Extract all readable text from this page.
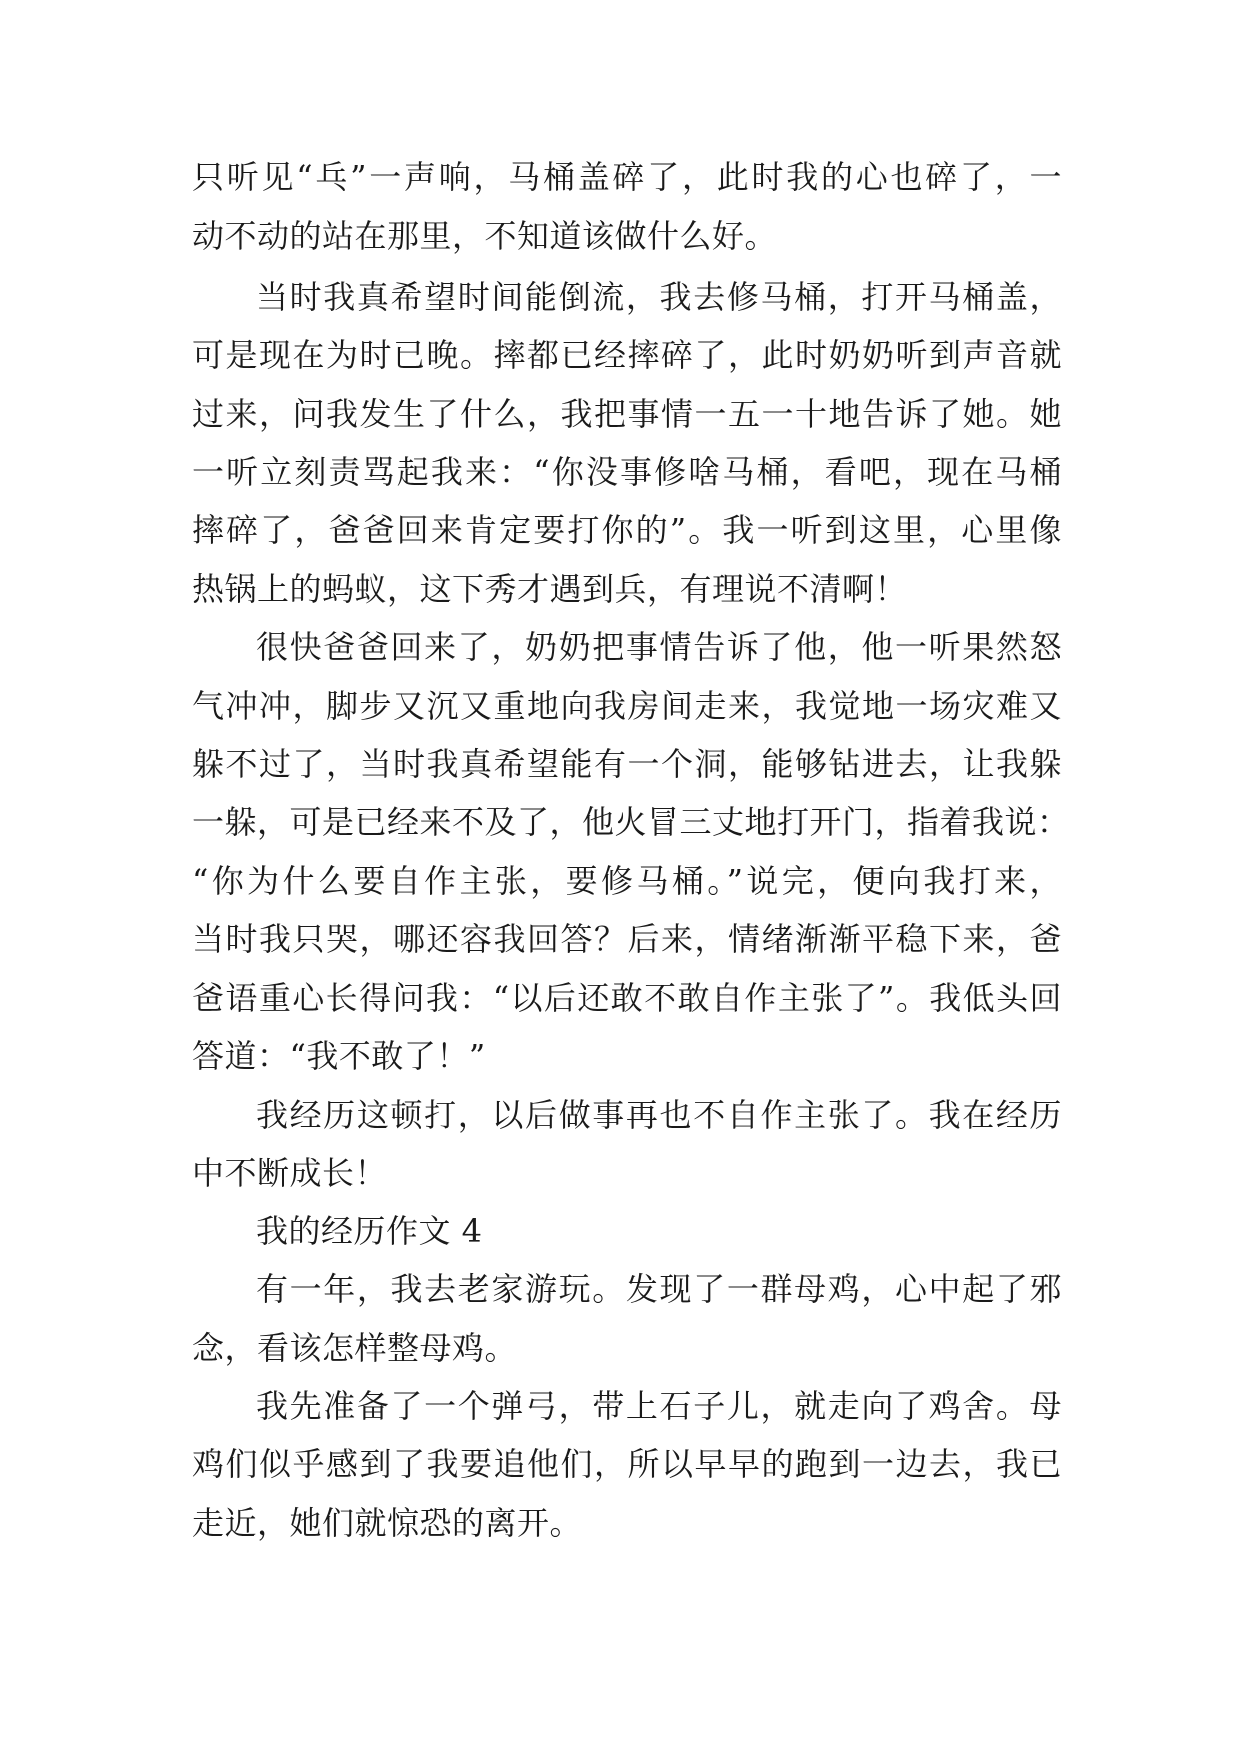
只听见“乓”一声响，马桶盖碎了，此时我的心也碎了，一
动不动的站在那里，不知道该做什么好。
当时我真希望时间能倒流，我去修马桶，打开马桶盖，
可是现在为时已晚。摔都已经摔碎了，此时奶奶听到声音就
过来，问我发生了什么，我把事情一五一十地告诉了她。她
一听立刻责骂起我来：“你没事修啥马桶，看吧，现在马桶
摔碎了，爸爸回来肯定要打你的”。我一听到这里，心里像
热锅上的蚂蚁，这下秀才遇到兵，有理说不清啊！
很快爸爸回来了，奶奶把事情告诉了他，他一听果然怒
气冲冲，脚步又沉又重地向我房间走来，我觉地一场灾难又
躲不过了，当时我真希望能有一个洞，能够钻进去，让我躲
一躲，可是已经来不及了，他火冒三丈地打开门，指着我说：
“你为什么要自作主张，要修马桶。”说完，便向我打来，
当时我只哭，哪还容我回答？后来，情绪渐渐平稳下来，爸
爸语重心长得问我：“以后还敢不敢自作主张了”。我低头回
答道：“我不敢了！”
我经历这顿打，以后做事再也不自作主张了。我在经历
中不断成长！
我的经历作文 4
有一年，我去老家游玩。发现了一群母鸡，心中起了邪
念，看该怎样整母鸡。
我先准备了一个弹弓，带上石子儿，就走向了鸡舍。母
鸡们似乎感到了我要追他们，所以早早的跑到一边去，我已
走近，她们就惊恐的离开。
